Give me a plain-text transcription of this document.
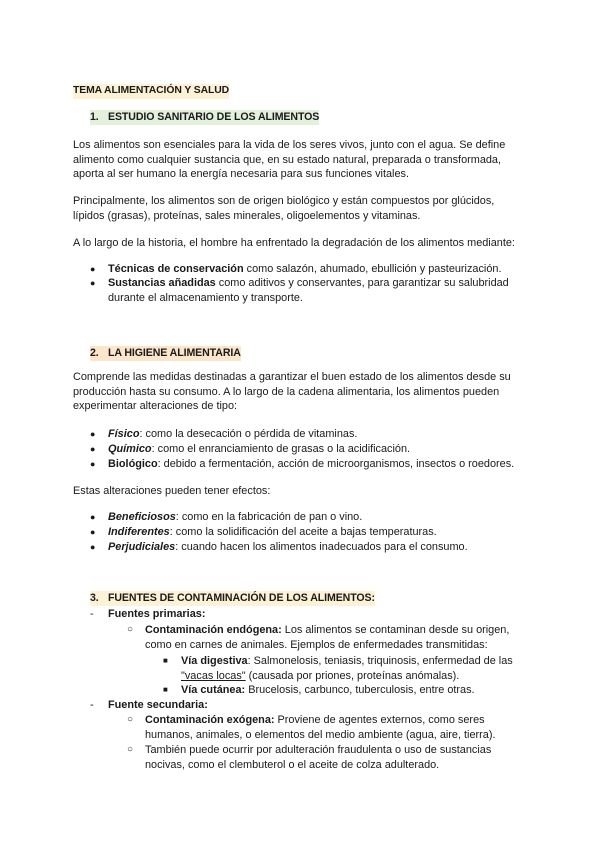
TEMA ALIMENTACIÓN Y SALUD
1. ESTUDIO SANITARIO DE LOS ALIMENTOS
Los alimentos son esenciales para la vida de los seres vivos, junto con el agua. Se define
alimento como cualquier sustancia que, en su estado natural, preparada o transformada,
aporta al ser humano la energía necesaria para sus funciones vitales.
Principalmente, los alimentos son de origen biológico y están compuestos por glúcidos,
lípidos (grasas), proteínas, sales minerales, oligoelementos y vitaminas.
A lo largo de la historia, el hombre ha enfrentado la degradación de los alimentos mediante:
● Técnicas de conservación como salazón, ahumado, ebullición y pasteurización.
● Sustancias añadidas como aditivos y conservantes, para garantizar su salubridad
durante el almacenamiento y transporte.
2. LA HIGIENE ALIMENTARIA
Comprende las medidas destinadas a garantizar el buen estado de los alimentos desde su
producción hasta su consumo. A lo largo de la cadena alimentaria, los alimentos pueden
experimentar alteraciones de tipo:
● Físico: como la desecación o pérdida de vitaminas.
● Químico: como el enranciamiento de grasas o la acidificación.
● Biológico: debido a fermentación, acción de microorganismos, insectos o roedores.
Estas alteraciones pueden tener efectos:
● Beneficiosos: como en la fabricación de pan o vino.
● Indiferentes: como la solidificación del aceite a bajas temperaturas.
● Perjudiciales: cuando hacen los alimentos inadecuados para el consumo.
3. FUENTES DE CONTAMINACIÓN DE LOS ALIMENTOS:
- Fuentes primarias:
○ Contaminación endógena: Los alimentos se contaminan desde su origen,
como en carnes de animales. Ejemplos de enfermedades transmitidas:
■ Vía digestiva: Salmonelosis, teniasis, triquinosis, enfermedad de las
"vacas locas" (causada por priones, proteínas anómalas).
■ Vía cutánea: Brucelosis, carbunco, tuberculosis, entre otras.
- Fuente secundaria:
○ Contaminación exógena: Proviene de agentes externos, como seres
humanos, animales, o elementos del medio ambiente (agua, aire, tierra).
○ También puede ocurrir por adulteración fraudulenta o uso de sustancias
nocivas, como el clembuterol o el aceite de colza adulterado.
